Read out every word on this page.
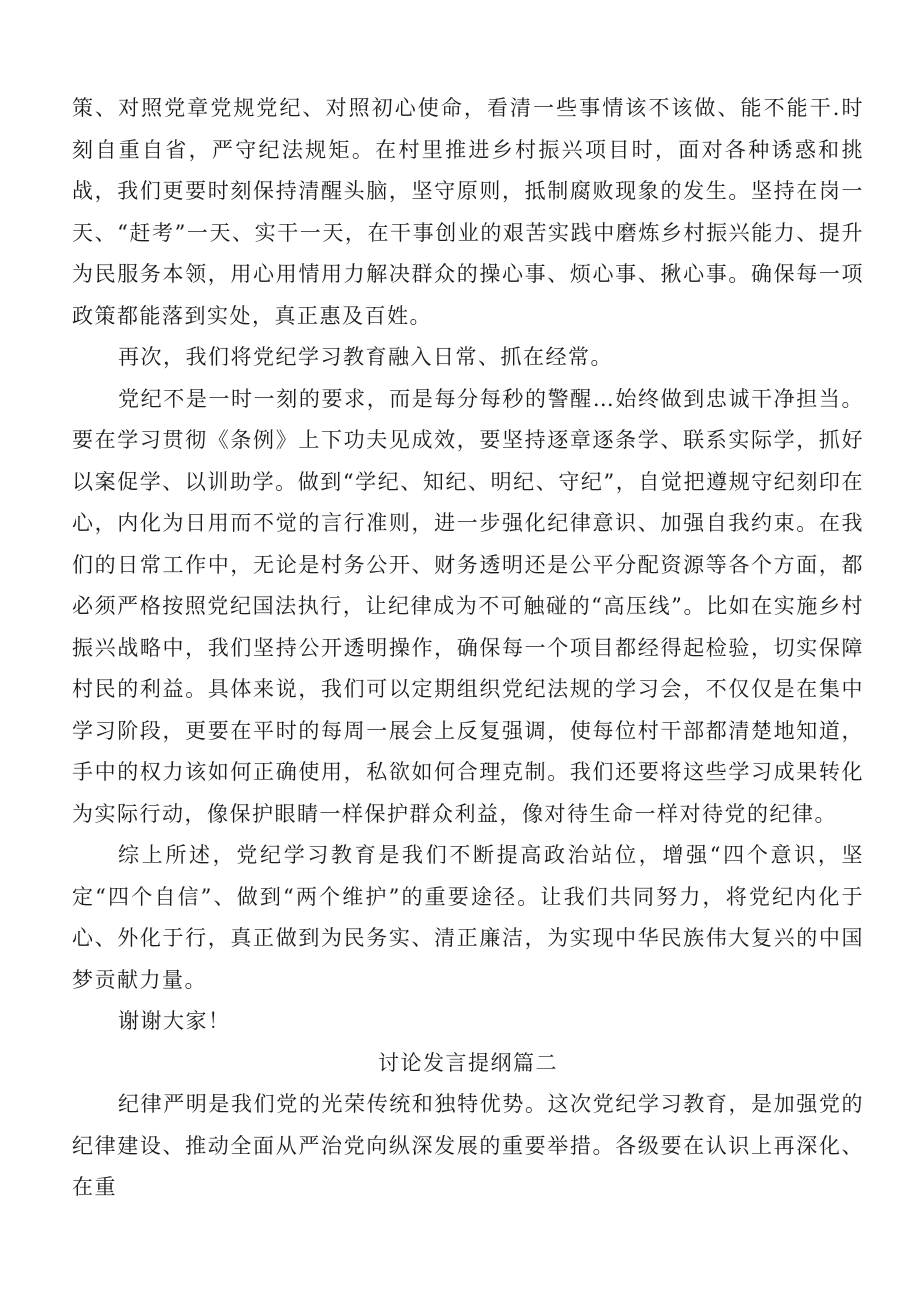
策、对照党章党规党纪、对照初心使命，看清一些事情该不该做、能不能干.时刻自重自省，严守纪法规矩。在村里推进乡村振兴项目时，面对各种诱惑和挑战，我们更要时刻保持清醒头脑，坚守原则，抵制腐败现象的发生。坚持在岗一天、“赶考”一天、实干一天，在干事创业的艰苦实践中磨炼乡村振兴能力、提升为民服务本领，用心用情用力解决群众的操心事、烦心事、揪心事。确保每一项政策都能落到实处，真正惠及百姓。

再次，我们将党纪学习教育融入日常、抓在经常。

党纪不是一时一刻的要求，而是每分每秒的警醒…始终做到忠诚干净担当。要在学习贯彻《条例》上下功夫见成效，要坚持逐章逐条学、联系实际学，抓好以案促学、以训助学。做到“学纪、知纪、明纪、守纪”，自觉把遵规守纪刻印在心，内化为日用而不觉的言行准则，进一步强化纪律意识、加强自我约束。在我们的日常工作中，无论是村务公开、财务透明还是公平分配资源等各个方面，都必须严格按照党纪国法执行，让纪律成为不可触碰的“高压线”。比如在实施乡村振兴战略中，我们坚持公开透明操作，确保每一个项目都经得起检验，切实保障村民的利益。具体来说，我们可以定期组织党纪法规的学习会，不仅仅是在集中学习阶段，更要在平时的每周一展会上反复强调，使每位村干部都清楚地知道，手中的权力该如何正确使用，私欲如何合理克制。我们还要将这些学习成果转化为实际行动，像保护眼睛一样保护群众利益，像对待生命一样对待党的纪律。

综上所述，党纪学习教育是我们不断提高政治站位，增强“四个意识，坚定“四个自信”、做到“两个维护”的重要途径。让我们共同努力，将党纪内化于心、外化于行，真正做到为民务实、清正廉洁，为实现中华民族伟大复兴的中国梦贡献力量。

谢谢大家！

讨论发言提纲篇二

纪律严明是我们党的光荣传统和独特优势。这次党纪学习教育，是加强党的纪律建设、推动全面从严治党向纵深发展的重要举措。各级要在认识上再深化、在重
